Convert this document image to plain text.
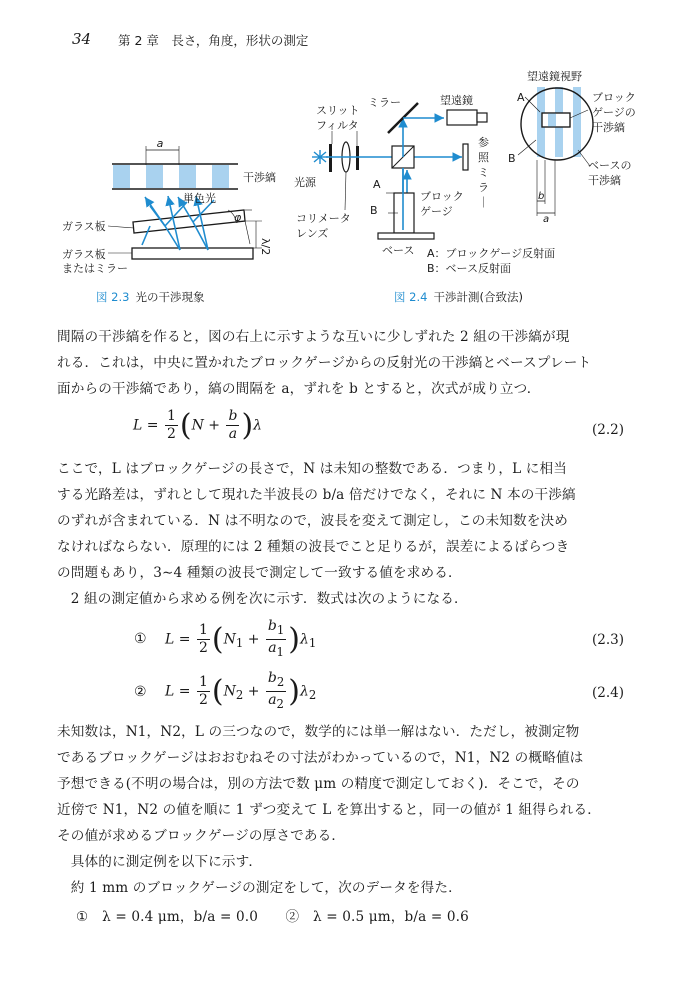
34 第 2 章　長さ，角度，形状の測定
a
干渉縞
単色光
ガラス板
ガラス板
またはミラー
φ
λ/2
スリット
フィルタ
ミラー	望遠鏡
光源
コリメータ
レンズ
参
照
ミ
ラ
｜
A
B
ブロック
ゲージ
ベース
望遠鏡視野
A
B
ブロック
ゲージの
干渉縞
ベースの
干渉縞
b
a
A：ブロックゲージ反射面
B：ベース反射面
図 2.3 光の干渉現象	図 2.4 干渉計測(合致法)
間隔の干渉縞を作ると，図の右上に示すような互いに少しずれた 2 組の干渉縞が現
れる．これは，中央に置かれたブロックゲージからの反射光の干渉縞とベースプレート
面からの干渉縞であり，縞の間隔を a，ずれを b とすると，次式が成り立つ．
$L = \frac{1}{2} (N + \frac{b}{a} )\lambda$	(2.2)
ここで，L はブロックゲージの長さで，N は未知の整数である．つまり，L に相当
する光路差は，ずれとして現れた半波長の b/a 倍だけでなく，それに N 本の干渉縞
のずれが含まれている．N は不明なので，波長を変えて測定し，この未知数を決め
なければならない．原理的には 2 種類の波長でこと足りるが，誤差によるばらつき
の問題もあり，3∼4 種類の波長で測定して一致する値を求める．
　2 組の測定値から求める例を次に示す．数式は次のようになる．
① $L = \frac{1}{2} (N_1 + \frac{b_1}{a_1} )\lambda_1$	(2.3)
② $L = \frac{1}{2} (N_2 + \frac{b_2}{a_2} )\lambda_2$	(2.4)
未知数は，N1，N2，L の三つなので，数学的には単一解はない．ただし，被測定物
であるブロックゲージはおおむねその寸法がわかっているので，N1，N2 の概略値は
予想できる(不明の場合は，別の方法で数 μm の精度で測定しておく)．そこで，その
近傍で N1，N2 の値を順に 1 ずつ変えて L を算出すると，同一の値が 1 組得られる．
その値が求めるブロックゲージの厚さである．
　具体的に測定例を以下に示す．
　約 1 mm のブロックゲージの測定をして，次のデータを得た．
①　λ = 0.4 μm，b/a = 0.0　　②　λ = 0.5 μm，b/a = 0.6
